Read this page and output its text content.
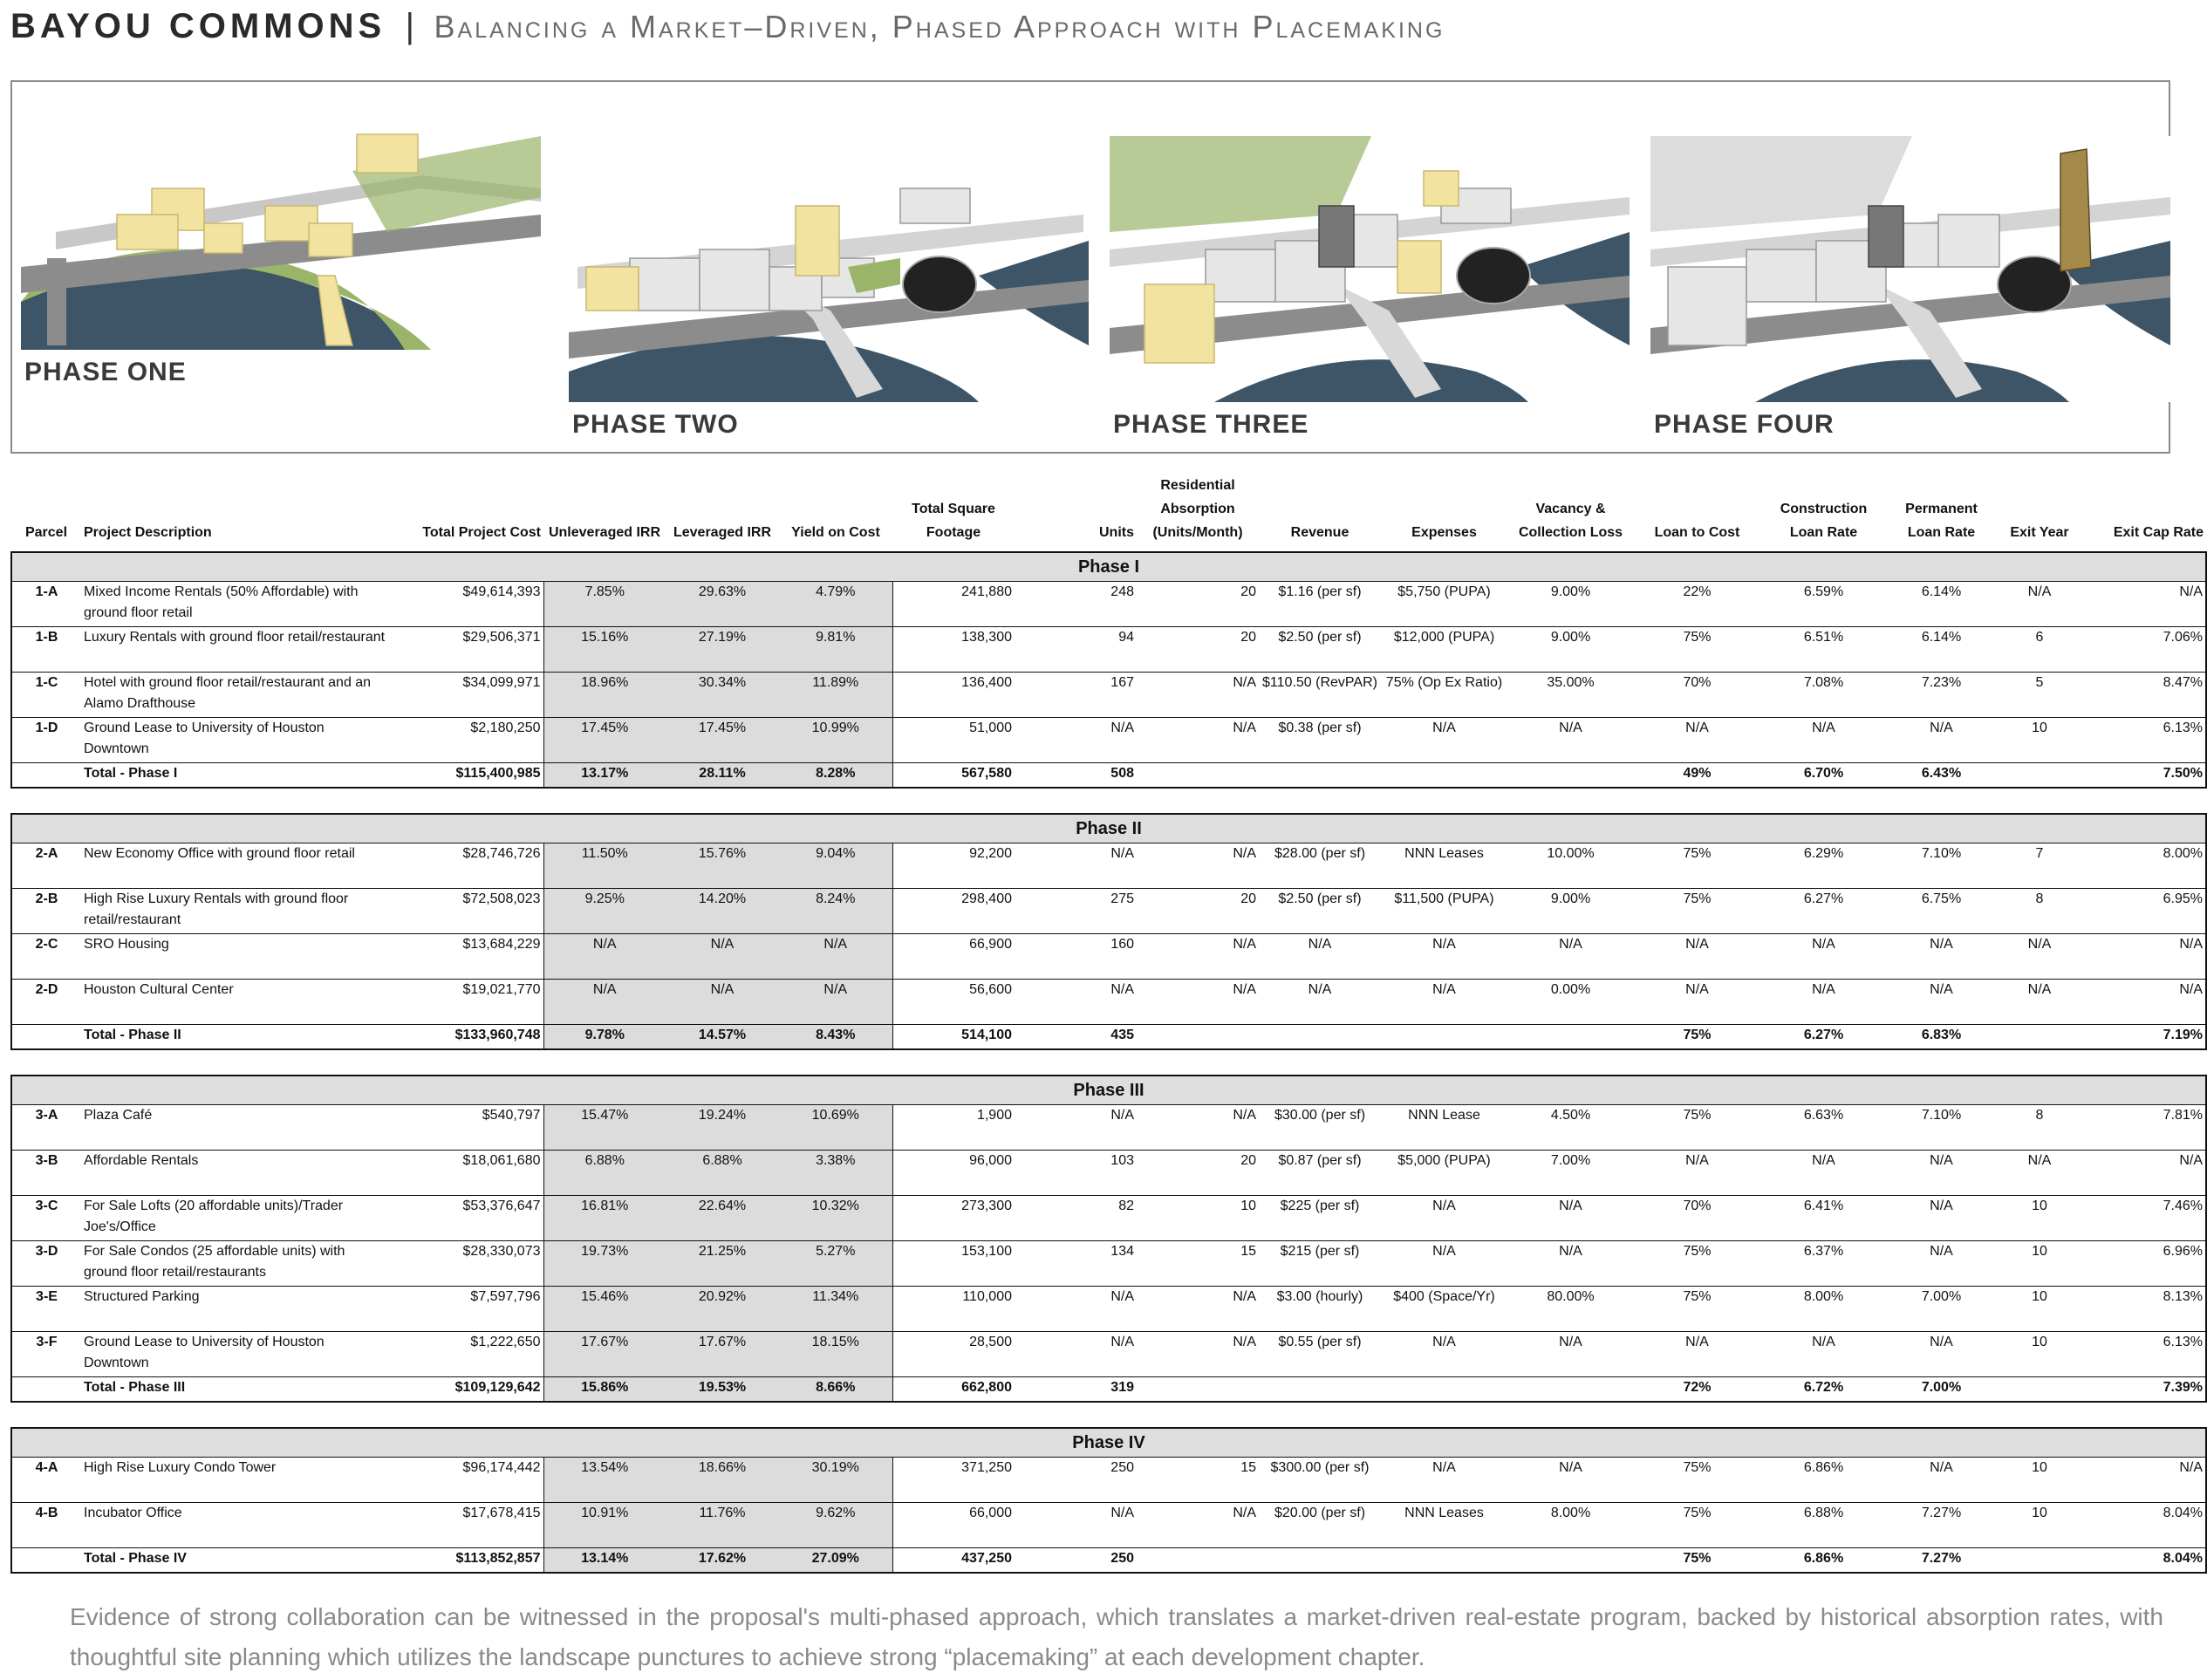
BAYOU COMMONS | Balancing a Market–Driven, Phased Approach with Placemaking
PHASE ONE
PHASE TWO	PHASE THREE	PHASE FOUR
Parcel	Project Description	Total Project Cost	Unleveraged IRR	Leveraged IRR	Yield on Cost	Total Square Footage	Units	Residential Absorption (Units/Month)	Revenue	Expenses	Vacancy & Collection Loss	Loan to Cost	Construction Loan Rate	Permanent Loan Rate	Exit Year	Exit Cap Rate
Phase I																
1-A	Mixed Income Rentals (50% Affordable) with ground floor retail	$49,614,393	7.85%	29.63%	4.79%	241,880	248	20	$1.16 (per sf)	$5,750 (PUPA)	9.00%	22%	6.59%	6.14%	N/A	N/A
1-B	Luxury Rentals with ground floor retail/restaurant	$29,506,371	15.16%	27.19%	9.81%	138,300	94	20	$2.50 (per sf)	$12,000 (PUPA)	9.00%	75%	6.51%	6.14%	6	7.06%
1-C	Hotel with ground floor retail/restaurant and an Alamo Drafthouse	$34,099,971	18.96%	30.34%	11.89%	136,400	167	N/A	$110.50 (RevPAR)	75% (Op Ex Ratio)	35.00%	70%	7.08%	7.23%	5	8.47%
1-D	Ground Lease to University of Houston Downtown	$2,180,250	17.45%	17.45%	10.99%	51,000	N/A	N/A	$0.38 (per sf)	N/A	N/A	N/A	N/A	N/A	10	6.13%
	Total - Phase I	$115,400,985	13.17%	28.11%	8.28%	567,580	508					49%	6.70%	6.43%		7.50%

Phase II																
2-A	New Economy Office with ground floor retail	$28,746,726	11.50%	15.76%	9.04%	92,200	N/A	N/A	$28.00 (per sf)	NNN Leases	10.00%	75%	6.29%	7.10%	7	8.00%
2-B	High Rise Luxury Rentals with ground floor retail/restaurant	$72,508,023	9.25%	14.20%	8.24%	298,400	275	20	$2.50 (per sf)	$11,500 (PUPA)	9.00%	75%	6.27%	6.75%	8	6.95%
2-C	SRO Housing	$13,684,229	N/A	N/A	N/A	66,900	160	N/A	N/A	N/A	N/A	N/A	N/A	N/A	N/A	N/A
2-D	Houston Cultural Center	$19,021,770	N/A	N/A	N/A	56,600	N/A	N/A	N/A	N/A	0.00%	N/A	N/A	N/A	N/A	N/A
	Total - Phase II	$133,960,748	9.78%	14.57%	8.43%	514,100	435					75%	6.27%	6.83%		7.19%

Phase III																
3-A	Plaza Café	$540,797	15.47%	19.24%	10.69%	1,900	N/A	N/A	$30.00 (per sf)	NNN Lease	4.50%	75%	6.63%	7.10%	8	7.81%
3-B	Affordable Rentals	$18,061,680	6.88%	6.88%	3.38%	96,000	103	20	$0.87 (per sf)	$5,000 (PUPA)	7.00%	N/A	N/A	N/A	N/A	N/A
3-C	For Sale Lofts (20 affordable units)/Trader Joe's/Office	$53,376,647	16.81%	22.64%	10.32%	273,300	82	10	$225 (per sf)	N/A	N/A	70%	6.41%	N/A	10	7.46%
3-D	For Sale Condos (25 affordable units) with ground floor retail/restaurants	$28,330,073	19.73%	21.25%	5.27%	153,100	134	15	$215 (per sf)	N/A	N/A	75%	6.37%	N/A	10	6.96%
3-E	Structured Parking	$7,597,796	15.46%	20.92%	11.34%	110,000	N/A	N/A	$3.00 (hourly)	$400 (Space/Yr)	80.00%	75%	8.00%	7.00%	10	8.13%
3-F	Ground Lease to University of Houston Downtown	$1,222,650	17.67%	17.67%	18.15%	28,500	N/A	N/A	$0.55 (per sf)	N/A	N/A	N/A	N/A	N/A	10	6.13%
	Total - Phase III	$109,129,642	15.86%	19.53%	8.66%	662,800	319					72%	6.72%	7.00%		7.39%

Phase IV																
4-A	High Rise Luxury Condo Tower	$96,174,442	13.54%	18.66%	30.19%	371,250	250	15	$300.00 (per sf)	N/A	N/A	75%	6.86%	N/A	10	N/A
4-B	Incubator Office	$17,678,415	10.91%	11.76%	9.62%	66,000	N/A	N/A	$20.00 (per sf)	NNN Leases	8.00%	75%	6.88%	7.27%	10	8.04%
	Total - Phase IV	$113,852,857	13.14%	17.62%	27.09%	437,250	250					75%	6.86%	7.27%		8.04%

Evidence of strong collaboration can be witnessed in the proposal's multi-phased approach, which translates a market-driven real-estate program, backed by historical absorption rates, with thoughtful site planning which utilizes the landscape punctures to achieve strong “placemaking” at each development chapter.
